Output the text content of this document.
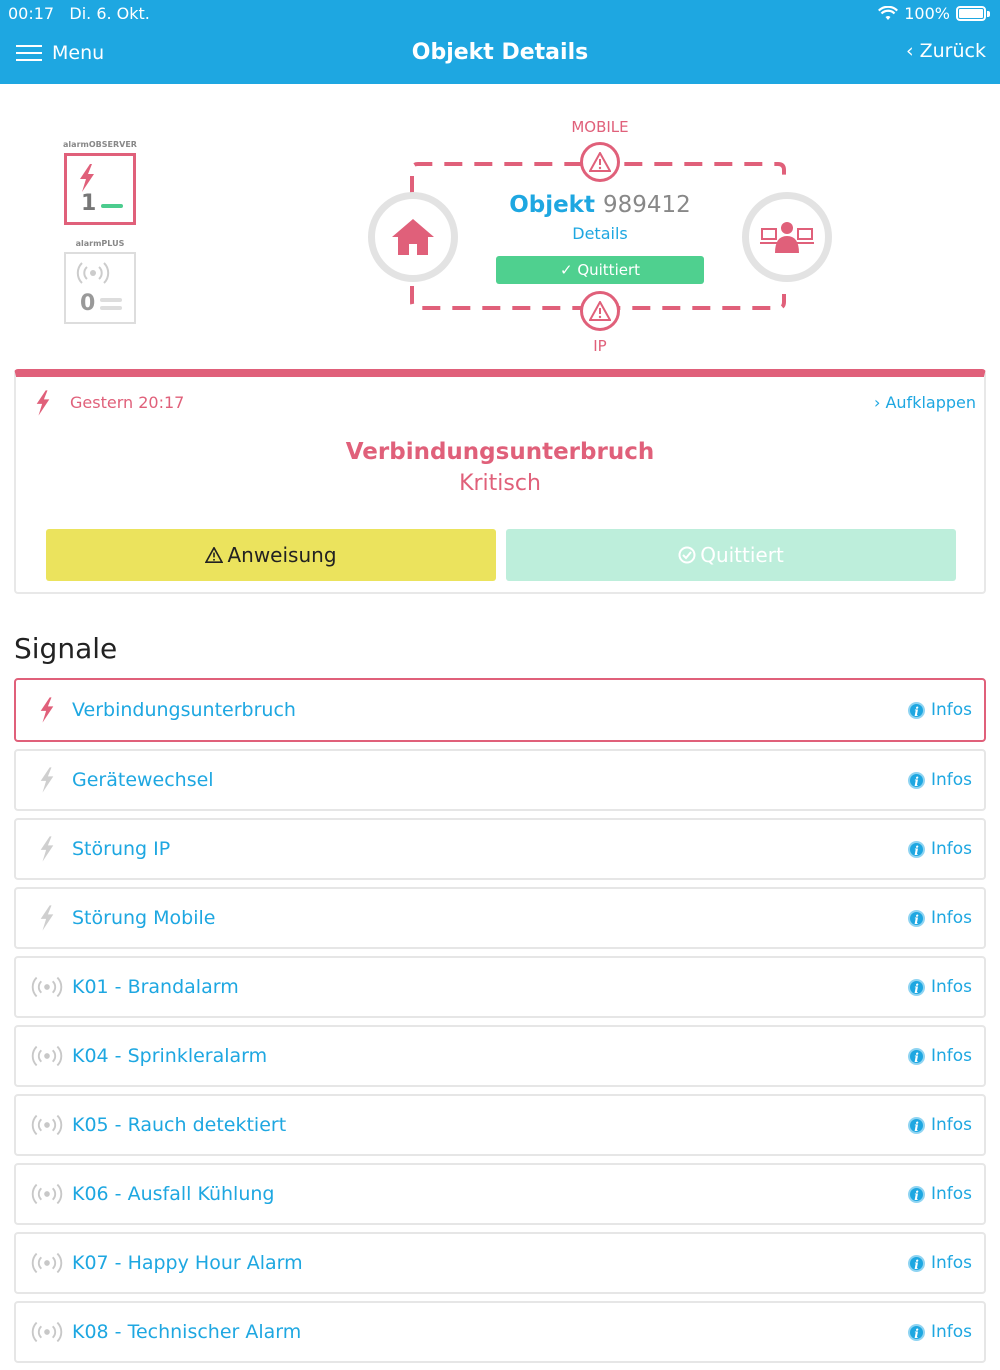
00:17 Di. 6. Okt.	100%
Menu	Objekt Details	‹ Zurück
alarmOBSERVER
1
alarmPLUS
0
MOBILE
IP
Objekt 989412
Details
✓ Quittiert
Gestern 20:17	› Aufklappen
Verbindungsunterbruch
Kritisch
Anweisung	Quittiert
Signale
Verbindungsunterbruch	i Infos
Gerätewechsel	i Infos
Störung IP	i Infos
Störung Mobile	i Infos
K01 - Brandalarm	i Infos
K04 - Sprinkleralarm	i Infos
K05 - Rauch detektiert	i Infos
K06 - Ausfall Kühlung	i Infos
K07 - Happy Hour Alarm	i Infos
K08 - Technischer Alarm	i Infos
